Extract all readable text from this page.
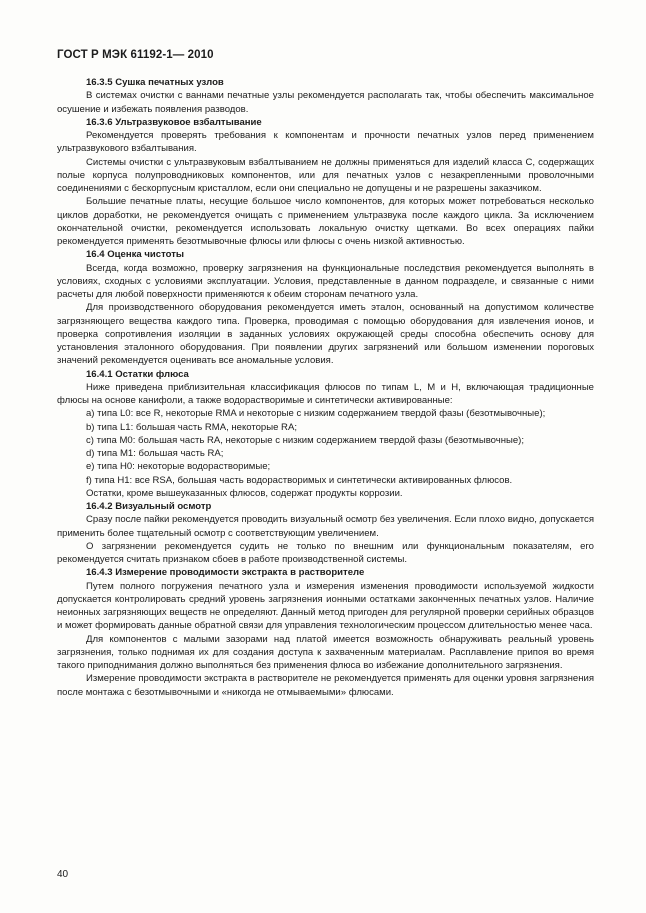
ГОСТ Р МЭК 61192-1— 2010

16.3.5 Сушка печатных узлов

В системах очистки с ваннами печатные узлы рекомендуется располагать так, чтобы обеспечить максимальное осушение и избежать появления разводов.

16.3.6 Ультразвуковое взбалтывание

Рекомендуется проверять требования к компонентам и прочности печатных узлов перед применением ультразвукового взбалтывания.

Системы очистки с ультразвуковым взбалтыванием не должны применяться для изделий класса С, содержащих полые корпуса полупроводниковых компонентов, или для печатных узлов с незакрепленными проволочными соединениями с бескорпусным кристаллом, если они специально не допущены и не разрешены заказчиком.

Большие печатные платы, несущие большое число компонентов, для которых может потребоваться несколько циклов доработки, не рекомендуется очищать с применением ультразвука после каждого цикла. За исключением окончательной очистки, рекомендуется использовать локальную очистку щетками. Во всех операциях пайки рекомендуется применять безотмывочные флюсы или флюсы с очень низкой активностью.

16.4 Оценка чистоты

Всегда, когда возможно, проверку загрязнения на функциональные последствия рекомендуется выполнять в условиях, сходных с условиями эксплуатации. Условия, представленные в данном подразделе, и связанные с ними расчеты для любой поверхности применяются к обеим сторонам печатного узла.

Для производственного оборудования рекомендуется иметь эталон, основанный на допустимом количестве загрязняющего вещества каждого типа. Проверка, проводимая с помощью оборудования для извлечения ионов, и проверка сопротивления изоляции в заданных условиях окружающей среды способна обеспечить основу для установления эталонного оборудования. При появлении других загрязнений или большом изменении пороговых значений рекомендуется оценивать все аномальные условия.

16.4.1 Остатки флюса

Ниже приведена приблизительная классификация флюсов по типам L, M и H, включающая традиционные флюсы на основе канифоли, а также водорастворимые и синтетически активированные:

а) типа L0: все R, некоторые RMA и некоторые с низким содержанием твердой фазы (безотмывочные);

b) типа L1: большая часть RMA, некоторые RA;

с) типа M0: большая часть RA, некоторые с низким содержанием твердой фазы (безотмывочные);

d) типа M1: большая часть RA;

е) типа H0: некоторые водорастворимые;

f) типа H1: все RSA, большая часть водорастворимых и синтетически активированных флюсов.

Остатки, кроме вышеуказанных флюсов, содержат продукты коррозии.

16.4.2 Визуальный осмотр

Сразу после пайки рекомендуется проводить визуальный осмотр без увеличения. Если плохо видно, допускается применить более тщательный осмотр с соответствующим увеличением.

О загрязнении рекомендуется судить не только по внешним или функциональным показателям, его рекомендуется считать признаком сбоев в работе производственной системы.

16.4.3 Измерение проводимости экстракта в растворителе

Путем полного погружения печатного узла и измерения изменения проводимости используемой жидкости допускается контролировать средний уровень загрязнения ионными остатками законченных печатных узлов. Наличие неионных загрязняющих веществ не определяют. Данный метод пригоден для регулярной проверки серийных образцов и может формировать данные обратной связи для управления технологическим процессом длительностью менее часа.

Для компонентов с малыми зазорами над платой имеется возможность обнаруживать реальный уровень загрязнения, только поднимая их для создания доступа к захваченным материалам. Расплавление припоя во время такого приподнимания должно выполняться без применения флюса во избежание дополнительного загрязнения.

Измерение проводимости экстракта в растворителе не рекомендуется применять для оценки уровня загрязнения после монтажа с безотмывочными и «никогда не отмываемыми» флюсами.

40
